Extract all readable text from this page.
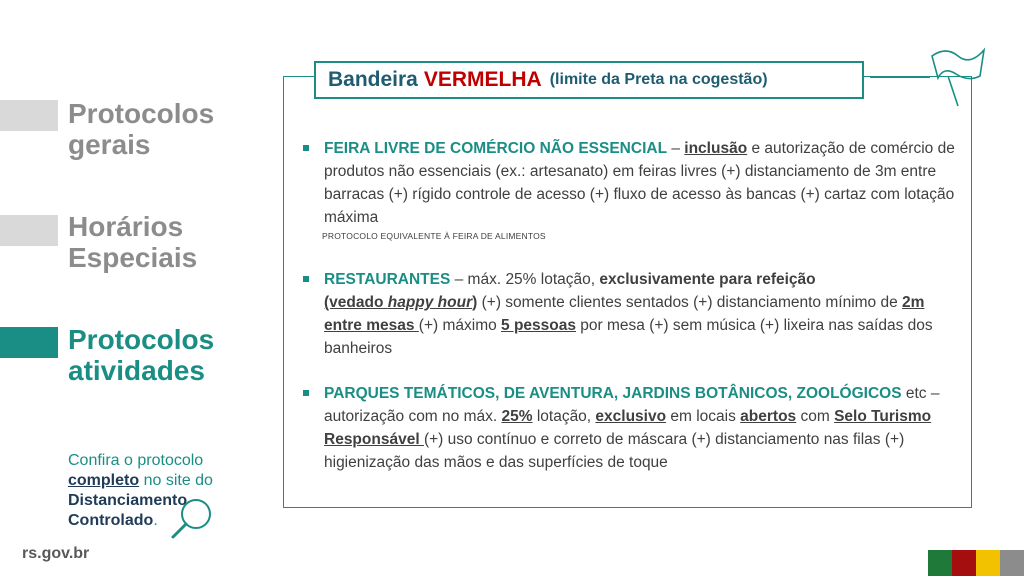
Protocolos
gerais
Horários
Especiais
Protocolos
atividades
Confira o protocolo
completo no site do
Distanciamento
Controlado.
rs.gov.br
Bandeira VERMELHA (limite da Preta na cogestão)
FEIRA LIVRE DE COMÉRCIO NÃO ESSENCIAL – inclusão e autorização de comércio de produtos não essenciais (ex.: artesanato) em feiras livres (+) distanciamento de 3m entre barracas (+) rígido controle de acesso (+) fluxo de acesso às bancas (+) cartaz com lotação máxima
PROTOCOLO EQUIVALENTE À FEIRA DE ALIMENTOS
RESTAURANTES – máx. 25% lotação, exclusivamente para refeição
(vedado happy hour) (+) somente clientes sentados (+) distanciamento mínimo de 2m entre mesas (+) máximo 5 pessoas por mesa (+) sem música (+) lixeira nas saídas dos banheiros
PARQUES TEMÁTICOS, DE AVENTURA, JARDINS BOTÂNICOS, ZOOLÓGICOS etc – autorização com no máx. 25% lotação, exclusivo em locais abertos com Selo Turismo Responsável (+) uso contínuo e correto de máscara (+) distanciamento nas filas (+) higienização das mãos e das superfícies de toque
